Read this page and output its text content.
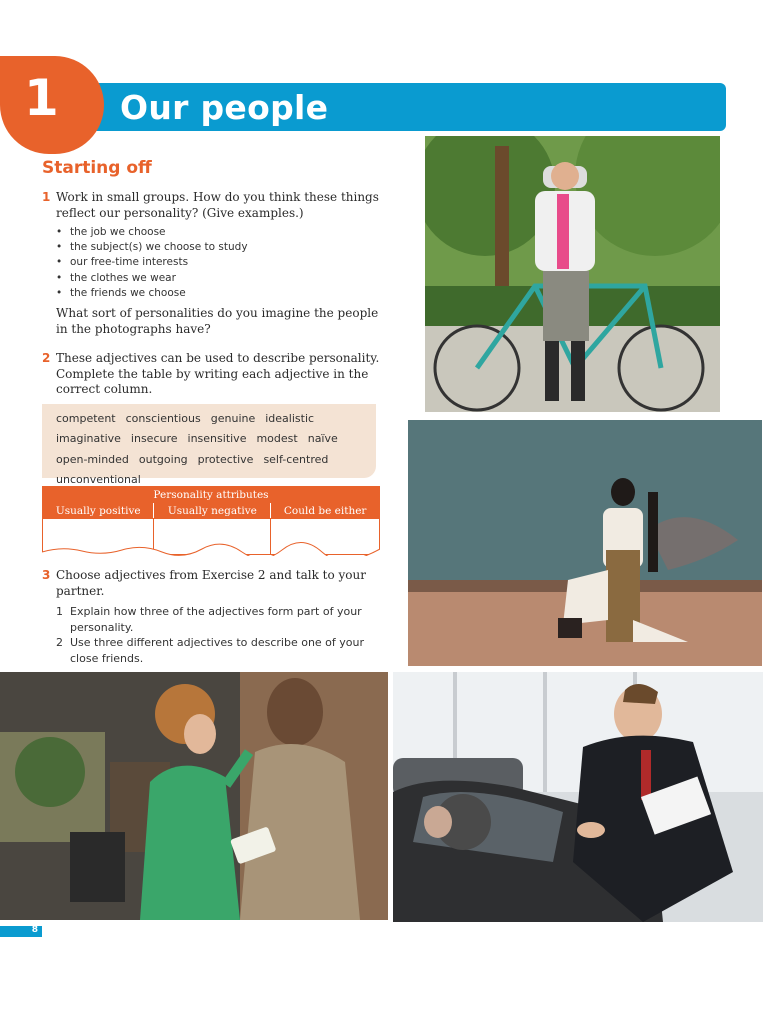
Our people
1
Starting off
1 Work in small groups. How do you think these things reflect our personality? (Give examples.)
• the job we choose
• the subject(s) we choose to study
• our free-time interests
• the clothes we wear
• the friends we choose
What sort of personalities do you imagine the people in the photographs have?
2 These adjectives can be used to describe personality. Complete the table by writing each adjective in the correct column.
competent conscientious genuine idealistic imaginative insecure insensitive modest naïve open-minded outgoing protective self-centred unconventional
Personality attributes		
Usually positive	Usually negative	Could be either

3 Choose adjectives from Exercise 2 and talk to your partner.
1 Explain how three of the adjectives form part of your personality.
2 Use three different adjectives to describe one of your close friends.
8
